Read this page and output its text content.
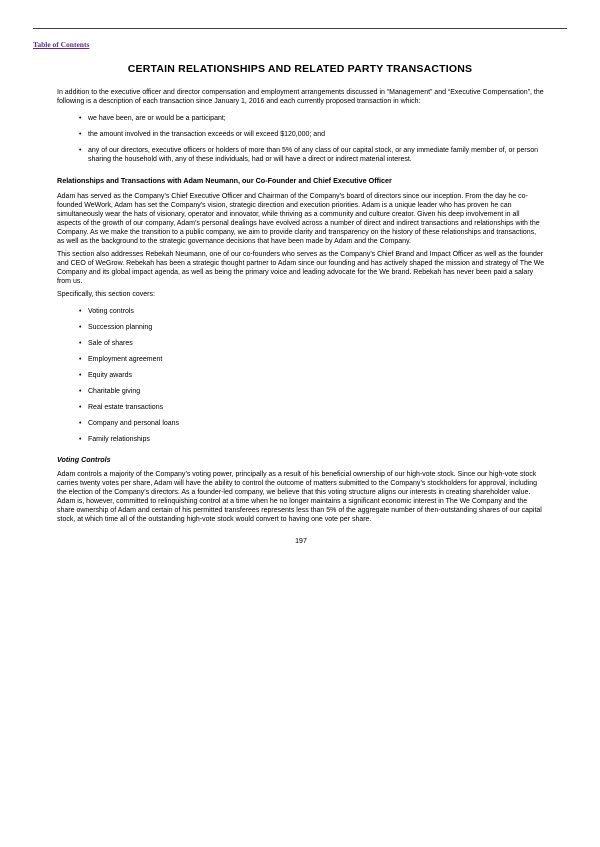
Table of Contents
CERTAIN RELATIONSHIPS AND RELATED PARTY TRANSACTIONS

In addition to the executive officer and director compensation and employment arrangements discussed in “Management” and “Executive Compensation”, the following is a description of each transaction since January 1, 2016 and each currently proposed transaction in which:

• we have been, are or would be a participant;
• the amount involved in the transaction exceeds or will exceed $120,000; and
• any of our directors, executive officers or holders of more than 5% of any class of our capital stock, or any immediate family member of, or person sharing the household with, any of these individuals, had or will have a direct or indirect material interest.
Relationships and Transactions with Adam Neumann, our Co-Founder and Chief Executive Officer

Adam has served as the Company’s Chief Executive Officer and Chairman of the Company’s board of directors since our inception. From the day he co-founded WeWork, Adam has set the Company’s vision, strategic direction and execution priorities. Adam is a unique leader who has proven he can simultaneously wear the hats of visionary, operator and innovator, while thriving as a community and culture creator. Given his deep involvement in all aspects of the growth of our company, Adam’s personal dealings have evolved across a number of direct and indirect transactions and relationships with the Company. As we make the transition to a public company, we aim to provide clarity and transparency on the history of these relationships and transactions, as well as the background to the strategic governance decisions that have been made by Adam and the Company.

This section also addresses Rebekah Neumann, one of our co-founders who serves as the Company’s Chief Brand and Impact Officer as well as the founder and CEO of WeGrow. Rebekah has been a strategic thought partner to Adam since our founding and has actively shaped the mission and strategy of The We Company and its global impact agenda, as well as being the primary voice and leading advocate for the We brand. Rebekah has never been paid a salary from us.

Specifically, this section covers:

• Voting controls
• Succession planning
• Sale of shares
• Employment agreement
• Equity awards
• Charitable giving
• Real estate transactions
• Company and personal loans
• Family relationships
Voting Controls

Adam controls a majority of the Company’s voting power, principally as a result of his beneficial ownership of our high-vote stock. Since our high-vote stock carries twenty votes per share, Adam will have the ability to control the outcome of matters submitted to the Company’s stockholders for approval, including the election of the Company’s directors. As a founder-led company, we believe that this voting structure aligns our interests in creating shareholder value. Adam is, however, committed to relinquishing control at a time when he no longer maintains a significant economic interest in The We Company and the share ownership of Adam and certain of his permitted transferees represents less than 5% of the aggregate number of then-outstanding shares of our capital stock, at which time all of the outstanding high-vote stock would convert to having one vote per share.

197
